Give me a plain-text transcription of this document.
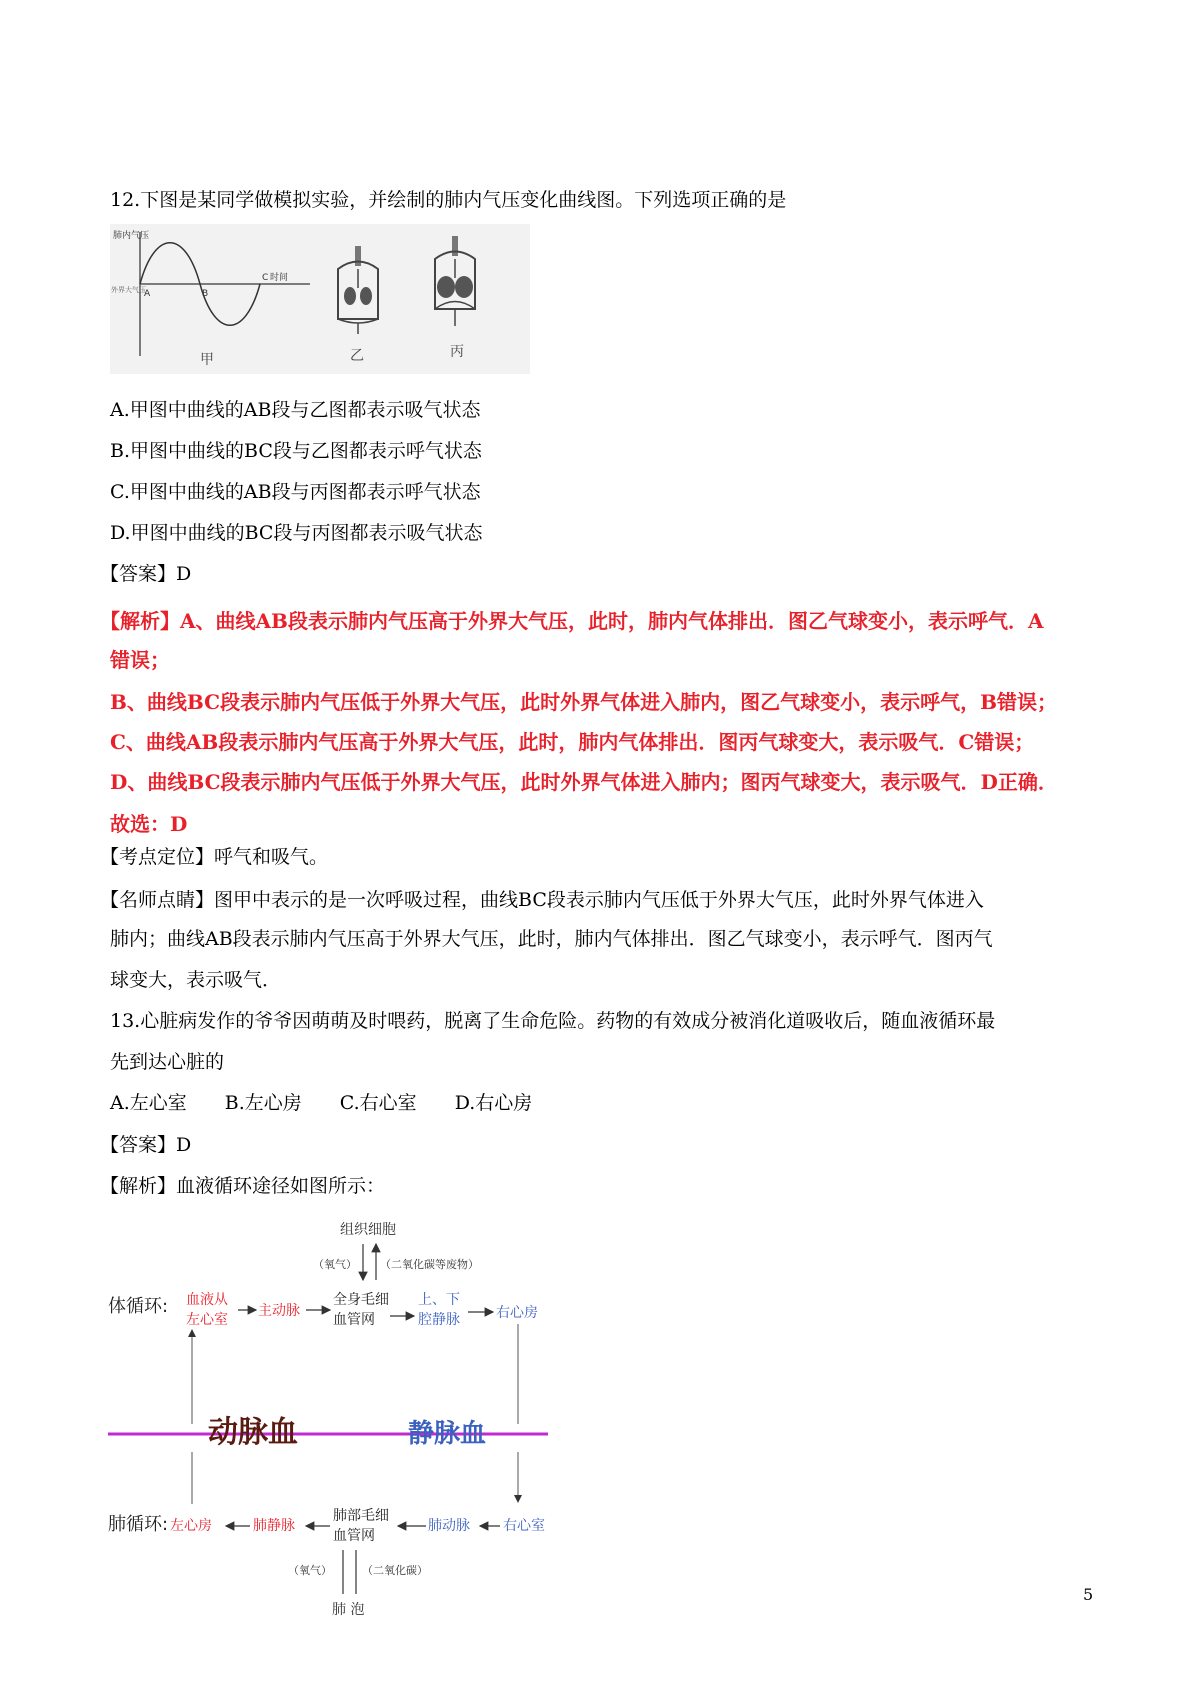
12.下图是某同学做模拟实验，并绘制的肺内气压变化曲线图。下列选项正确的是
肺内气压
外界大气压
A	B
C 时间
甲	乙	丙
A.甲图中曲线的AB段与乙图都表示吸气状态
B.甲图中曲线的BC段与乙图都表示呼气状态
C.甲图中曲线的AB段与丙图都表示呼气状态
D.甲图中曲线的BC段与丙图都表示吸气状态
【答案】D
【解析】A、曲线AB段表示肺内气压高于外界大气压，此时，肺内气体排出．图乙气球变小，表示呼气．A
错误；
B、曲线BC段表示肺内气压低于外界大气压，此时外界气体进入肺内，图乙气球变小，表示呼气，B错误；
C、曲线AB段表示肺内气压高于外界大气压，此时，肺内气体排出．图丙气球变大，表示吸气．C错误；
D、曲线BC段表示肺内气压低于外界大气压，此时外界气体进入肺内；图丙气球变大，表示吸气．D正确．
故选：D
【考点定位】呼气和吸气。
【名师点睛】图甲中表示的是一次呼吸过程，曲线BC段表示肺内气压低于外界大气压，此时外界气体进入
肺内；曲线AB段表示肺内气压高于外界大气压，此时，肺内气体排出．图乙气球变小，表示呼气．图丙气
球变大，表示吸气．
13.心脏病发作的爷爷因萌萌及时喂药，脱离了生命危险。药物的有效成分被消化道吸收后，随血液循环最
先到达心脏的
A.左心室 B.左心房 C.右心室 D.右心房
【答案】D
【解析】血液循环途径如图所示：
组织细胞
（氧气） （二氧化碳等废物）
体循环: 血液从
左心室
主动脉
全身毛细
血管网
上、下
腔静脉	右心房
动脉血	静脉血
肺循环: 左心房	肺静脉
肺部毛细
血管网
肺动脉 右心室
（氧气）	（二氧化碳）
肺 泡
5
